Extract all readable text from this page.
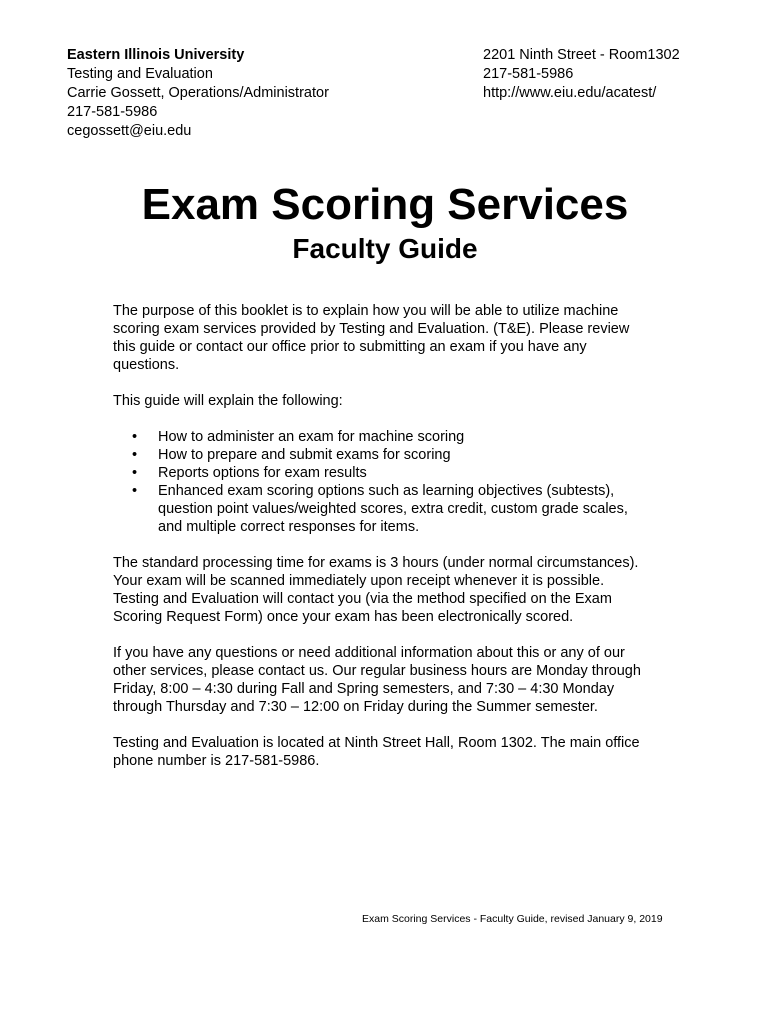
Eastern Illinois University
Testing and Evaluation
Carrie Gossett, Operations/Administrator
217-581-5986
cegossett@eiu.edu
2201 Ninth Street - Room1302
217-581-5986
http://www.eiu.edu/acatest/
Exam Scoring Services
Faculty Guide

The purpose of this booklet is to explain how you will be able to utilize machine scoring exam services provided by Testing and Evaluation. (T&E). Please review this guide or contact our office prior to submitting an exam if you have any questions.

This guide will explain the following:

• How to administer an exam for machine scoring
• How to prepare and submit exams for scoring
• Reports options for exam results
• Enhanced exam scoring options such as learning objectives (subtests), question point values/weighted scores, extra credit, custom grade scales, and multiple correct responses for items.

The standard processing time for exams is 3 hours (under normal circumstances). Your exam will be scanned immediately upon receipt whenever it is possible. Testing and Evaluation will contact you (via the method specified on the Exam Scoring Request Form) once your exam has been electronically scored.

If you have any questions or need additional information about this or any of our other services, please contact us. Our regular business hours are Monday through Friday, 8:00 – 4:30 during Fall and Spring semesters, and 7:30 – 4:30 Monday through Thursday and 7:30 – 12:00 on Friday during the Summer semester.

Testing and Evaluation is located at Ninth Street Hall, Room 1302. The main office phone number is 217-581-5986.

Exam Scoring Services - Faculty Guide, revised January 9, 2019
